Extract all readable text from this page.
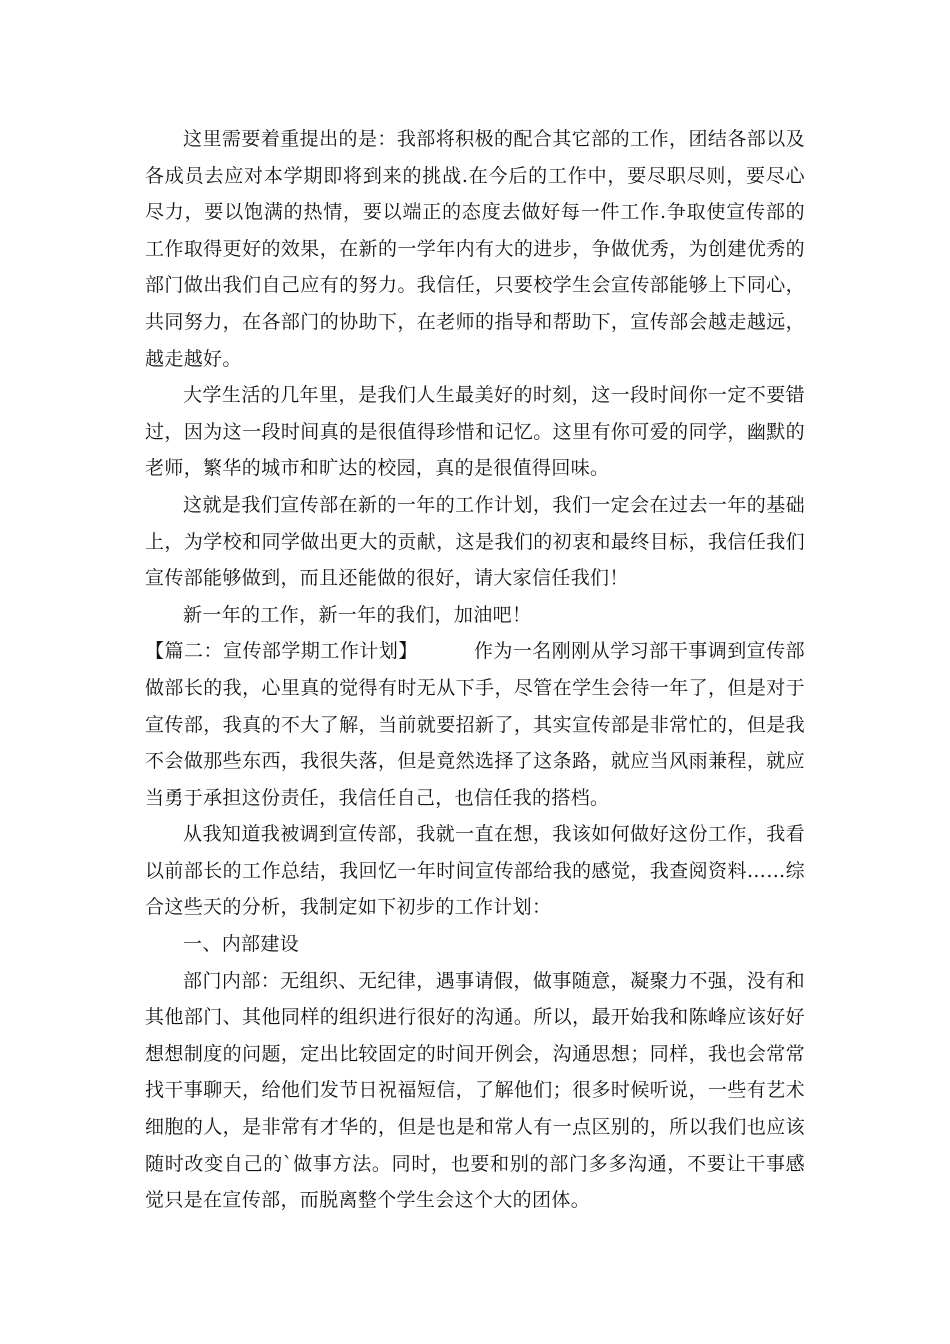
这里需要着重提出的是：我部将积极的配合其它部的工作，团结各部以及各成员去应对本学期即将到来的挑战.在今后的工作中，要尽职尽则，要尽心尽力，要以饱满的热情，要以端正的态度去做好每一件工作.争取使宣传部的工作取得更好的效果，在新的一学年内有大的进步，争做优秀，为创建优秀的部门做出我们自己应有的努力。我信任，只要校学生会宣传部能够上下同心，共同努力，在各部门的协助下，在老师的指导和帮助下，宣传部会越走越远，越走越好。

大学生活的几年里，是我们人生最美好的时刻，这一段时间你一定不要错过，因为这一段时间真的是很值得珍惜和记忆。这里有你可爱的同学，幽默的老师，繁华的城市和旷达的校园，真的是很值得回味。

这就是我们宣传部在新的一年的工作计划，我们一定会在过去一年的基础上，为学校和同学做出更大的贡献，这是我们的初衷和最终目标，我信任我们宣传部能够做到，而且还能做的很好，请大家信任我们！

新一年的工作，新一年的我们，加油吧！

【篇二：宣传部学期工作计划】	作为一名刚刚从学习部干事调到宣传部做部长的我，心里真的觉得有时无从下手，尽管在学生会待一年了，但是对于宣传部，我真的不大了解，当前就要招新了，其实宣传部是非常忙的，但是我不会做那些东西，我很失落，但是竟然选择了这条路，就应当风雨兼程，就应当勇于承担这份责任，我信任自己，也信任我的搭档。

从我知道我被调到宣传部，我就一直在想，我该如何做好这份工作，我看以前部长的工作总结，我回忆一年时间宣传部给我的感觉，我查阅资料……综合这些天的分析，我制定如下初步的工作计划：

一、内部建设

部门内部：无组织、无纪律，遇事请假，做事随意，凝聚力不强，没有和其他部门、其他同样的组织进行很好的沟通。所以，最开始我和陈峰应该好好想想制度的问题，定出比较固定的时间开例会，沟通思想；同样，我也会常常找干事聊天，给他们发节日祝福短信，了解他们；很多时候听说，一些有艺术细胞的人，是非常有才华的，但是也是和常人有一点区别的，所以我们也应该随时改变自己的`做事方法。同时，也要和别的部门多多沟通，不要让干事感觉只是在宣传部，而脱离整个学生会这个大的团体。
